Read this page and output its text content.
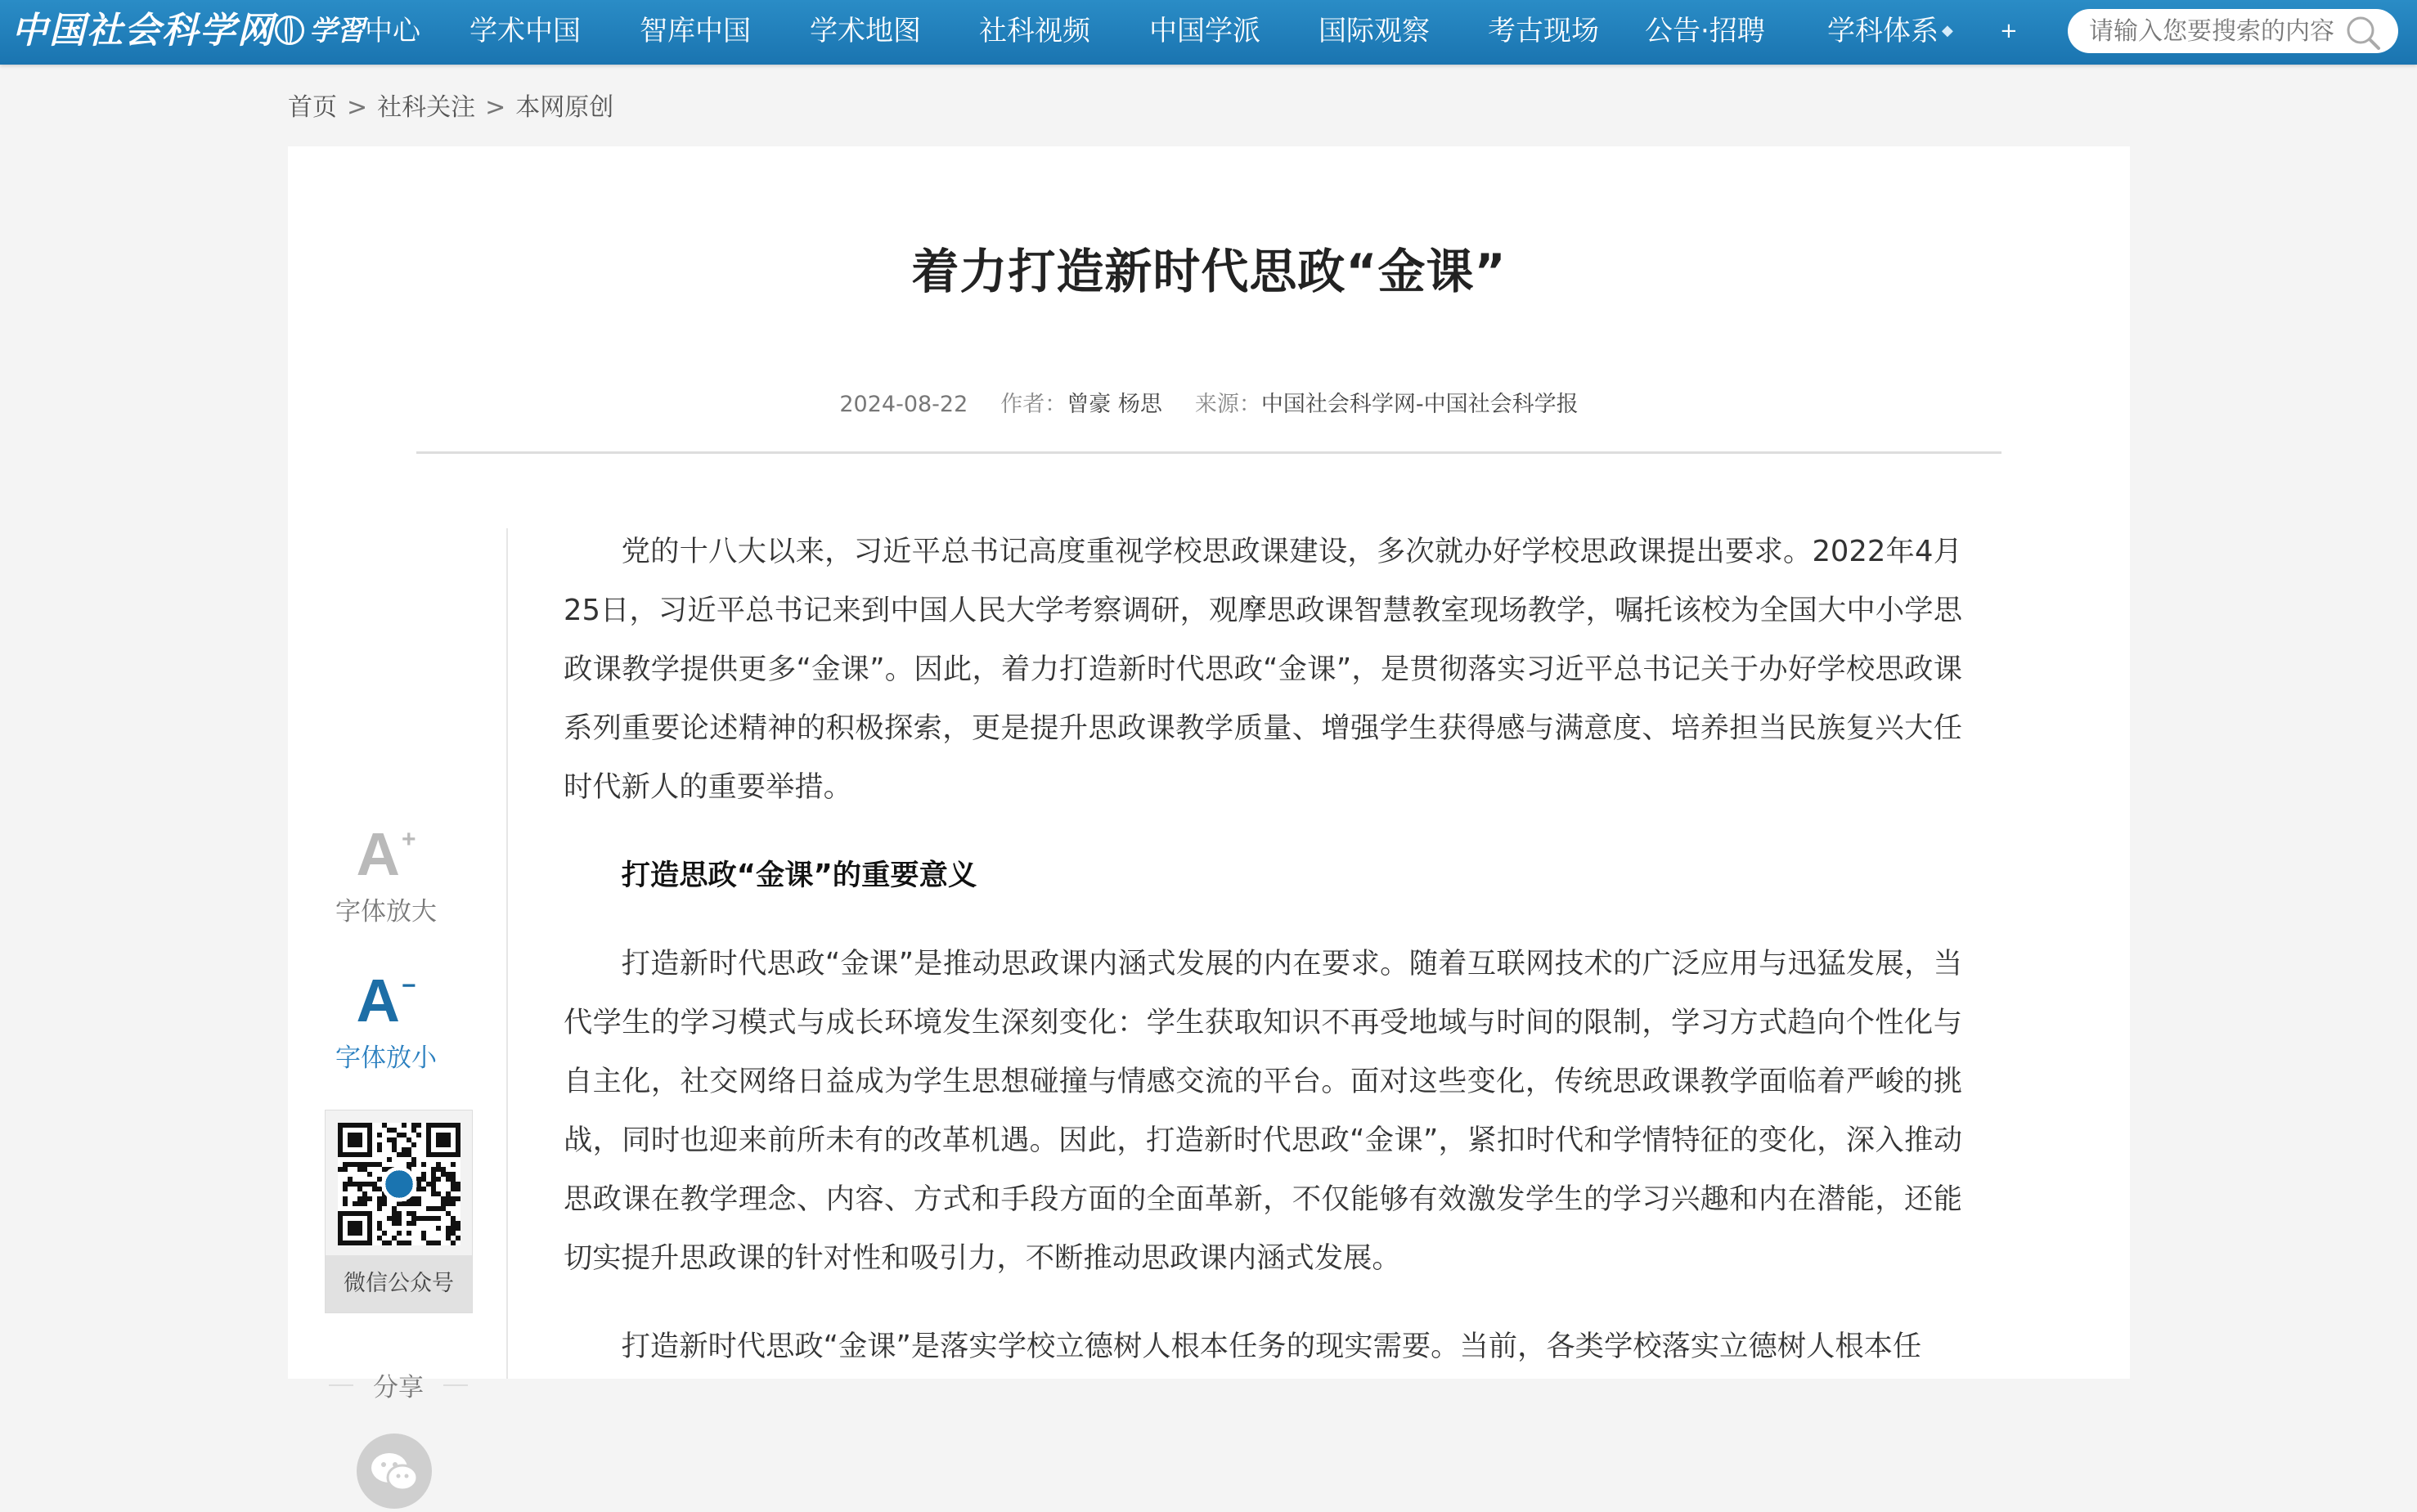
中国社会科学网	学習中心 学术中国 智库中国 学术地图 社科视频 中国学派 国际观察 考古现场 公告·招聘 学科体系 ◆ +
请输入您要搜索的内容
首页 > 社科关注 > 本网原创
着力打造新时代思政“金课”
2024-08-22 作者：曾豪 杨思 来源：中国社会科学网-中国社会科学报
A+
字体放大
A−
字体放小
微信公众号
分享

党的十八大以来，习近平总书记高度重视学校思政课建设，多次就办好学校思政课提出要求。2022年4月25日，习近平总书记来到中国人民大学考察调研，观摩思政课智慧教室现场教学，嘱托该校为全国大中小学思政课教学提供更多“金课”。因此，着力打造新时代思政“金课”，是贯彻落实习近平总书记关于办好学校思政课系列重要论述精神的积极探索，更是提升思政课教学质量、增强学生获得感与满意度、培养担当民族复兴大任时代新人的重要举措。

打造思政“金课”的重要意义

打造新时代思政“金课”是推动思政课内涵式发展的内在要求。随着互联网技术的广泛应用与迅猛发展，当代学生的学习模式与成长环境发生深刻变化：学生获取知识不再受地域与时间的限制，学习方式趋向个性化与自主化，社交网络日益成为学生思想碰撞与情感交流的平台。面对这些变化，传统思政课教学面临着严峻的挑战，同时也迎来前所未有的改革机遇。因此，打造新时代思政“金课”，紧扣时代和学情特征的变化，深入推动思政课在教学理念、内容、方式和手段方面的全面革新，不仅能够有效激发学生的学习兴趣和内在潜能，还能切实提升思政课的针对性和吸引力，不断推动思政课内涵式发展。

打造新时代思政“金课”是落实学校立德树人根本任务的现实需要。当前，各类学校落实立德树人根本任
